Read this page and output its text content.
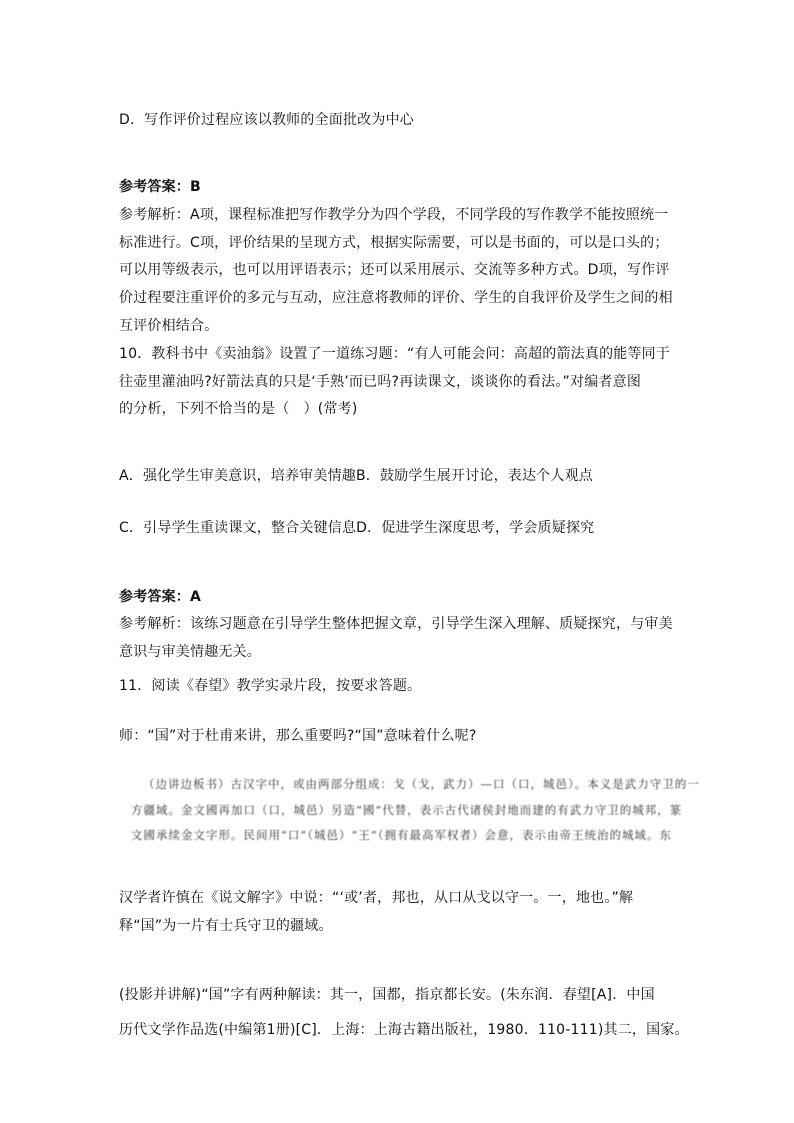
D．写作评价过程应该以教师的全面批改为中心
参考答案：B
参考解析：A项，课程标准把写作教学分为四个学段，不同学段的写作教学不能按照统一
标准进行。C项，评价结果的呈现方式，根据实际需要，可以是书面的，可以是口头的；
可以用等级表示，也可以用评语表示；还可以采用展示、交流等多种方式。D项，写作评
价过程要注重评价的多元与互动，应注意将教师的评价、学生的自我评价及学生之间的相
互评价相结合。
10．教科书中《卖油翁》设置了一道练习题：“有人可能会问：高超的箭法真的能等同于
往壶里灌油吗?好箭法真的只是‘手熟’而已吗?再读课文，谈谈你的看法。”对编者意图
的分析，下列不恰当的是（　）(常考)
A．强化学生审美意识，培养审美情趣B．鼓励学生展开讨论，表达个人观点
C．引导学生重读课文，整合关键信息D．促进学生深度思考，学会质疑探究
参考答案：A
参考解析：该练习题意在引导学生整体把握文章，引导学生深入理解、质疑探究，与审美
意识与审美情趣无关。
11．阅读《春望》教学实录片段，按要求答题。
师：“国”对于杜甫来讲，那么重要吗?“国”意味着什么呢?
（边讲边板书）古汉字中，或由两部分组成：戈（戈，武力）—口（口，城邑）。本义是武力守卫的一
方疆域。金文國再加口（口，城邑）另造“國”代替，表示古代诸侯封地而建的有武力守卫的城邦，篆
文國承续金文字形。民间用“口”（城邑）“王”（拥有最高军权者）会意，表示由帝王统治的城域。东
汉学者许慎在《说文解字》中说：“‘或’者，邦也，从口从戈以守一。一，地也。”解
释“国”为一片有士兵守卫的疆域。
(投影并讲解)“国”字有两种解读：其一，国都，指京都长安。(朱东润．春望[A]．中国
历代文学作品选(中编第1册)[C]．上海：上海古籍出版社，1980．110-111)其二，国家。
